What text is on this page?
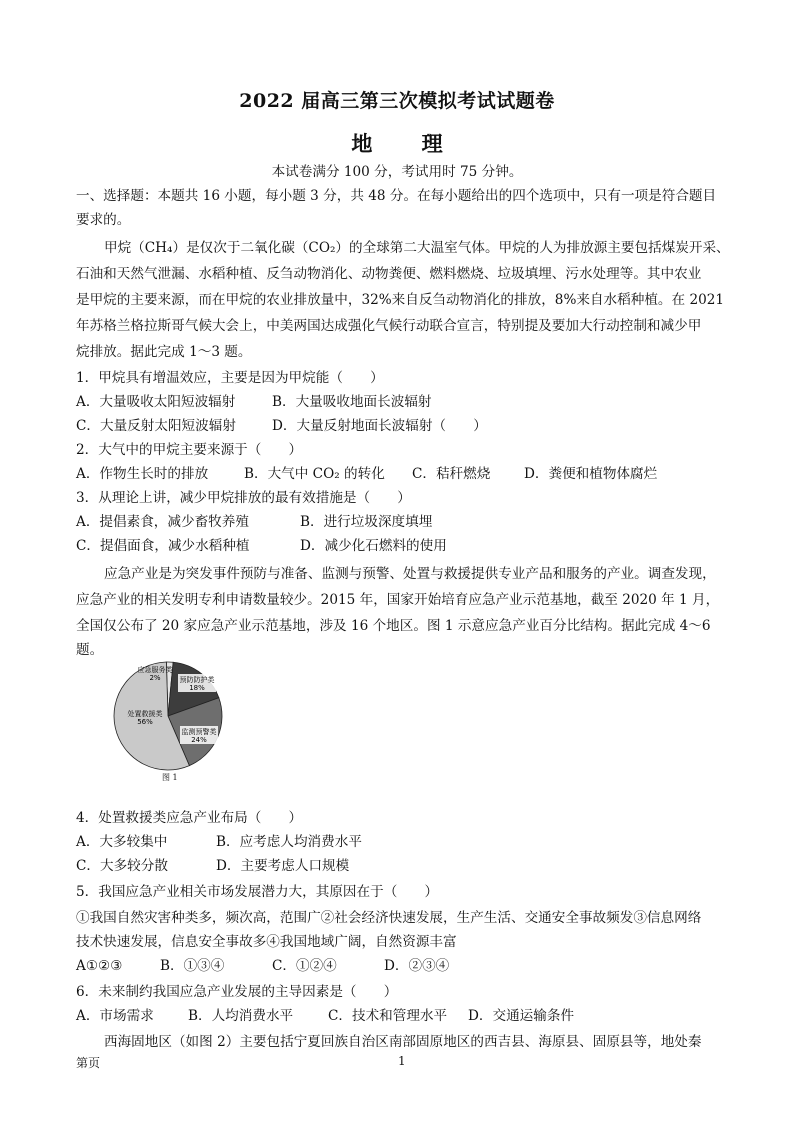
2022 届高三第三次模拟考试试题卷
地 理
本试卷满分 100 分，考试用时 75 分钟。
一、选择题：本题共 16 小题，每小题 3 分，共 48 分。在每小题给出的四个选项中，只有一项是符合题目
要求的。
甲烷（CH₄）是仅次于二氧化碳（CO₂）的全球第二大温室气体。甲烷的人为排放源主要包括煤炭开采、
石油和天然气泄漏、水稻种植、反刍动物消化、动物粪便、燃料燃烧、垃圾填埋、污水处理等。其中农业
是甲烷的主要来源，而在甲烷的农业排放量中，32%来自反刍动物消化的排放，8%来自水稻种植。在 2021
年苏格兰格拉斯哥气候大会上，中美两国达成强化气候行动联合宣言，特别提及要加大行动控制和减少甲
烷排放。据此完成 1～3 题。
1．甲烷具有增温效应，主要是因为甲烷能（　　）
A．大量吸收太阳短波辐射	B．大量吸收地面长波辐射
C．大量反射太阳短波辐射	D．大量反射地面长波辐射（　　）
2．大气中的甲烷主要来源于（　　）
A．作物生长时的排放	B．大气中 CO₂ 的转化	C．秸秆燃烧	D．粪便和植物体腐烂
3．从理论上讲，减少甲烷排放的最有效措施是（　　）
A．提倡素食，减少畜牧养殖	B．进行垃圾深度填埋
C．提倡面食，减少水稻种植	D．减少化石燃料的使用
应急产业是为突发事件预防与准备、监测与预警、处置与救援提供专业产品和服务的产业。调查发现，
应急产业的相关发明专利申请数量较少。2015 年，国家开始培育应急产业示范基地，截至 2020 年 1 月，
全国仅公布了 20 家应急产业示范基地，涉及 16 个地区。图 1 示意应急产业百分比结构。据此完成 4～6
题。
应急服务类
2%	预防防护类
18%
监测预警类
24%
处置救援类
56%
图 1
4．处置救援类应急产业布局（　　）
A．大多较集中	B．应考虑人均消费水平
C．大多较分散	D．主要考虑人口规模
5．我国应急产业相关市场发展潜力大，其原因在于（　　）
①我国自然灾害种类多，频次高，范围广②社会经济快速发展，生产生活、交通安全事故频发③信息网络
技术快速发展，信息安全事故多④我国地域广阔，自然资源丰富
A①②③	B．①③④	C．①②④	D．②③④
6．未来制约我国应急产业发展的主导因素是（　　）
A．市场需求	B．人均消费水平	C．技术和管理水平	D．交通运输条件
西海固地区（如图 2）主要包括宁夏回族自治区南部固原地区的西吉县、海原县、固原县等，地处秦
第页	1
